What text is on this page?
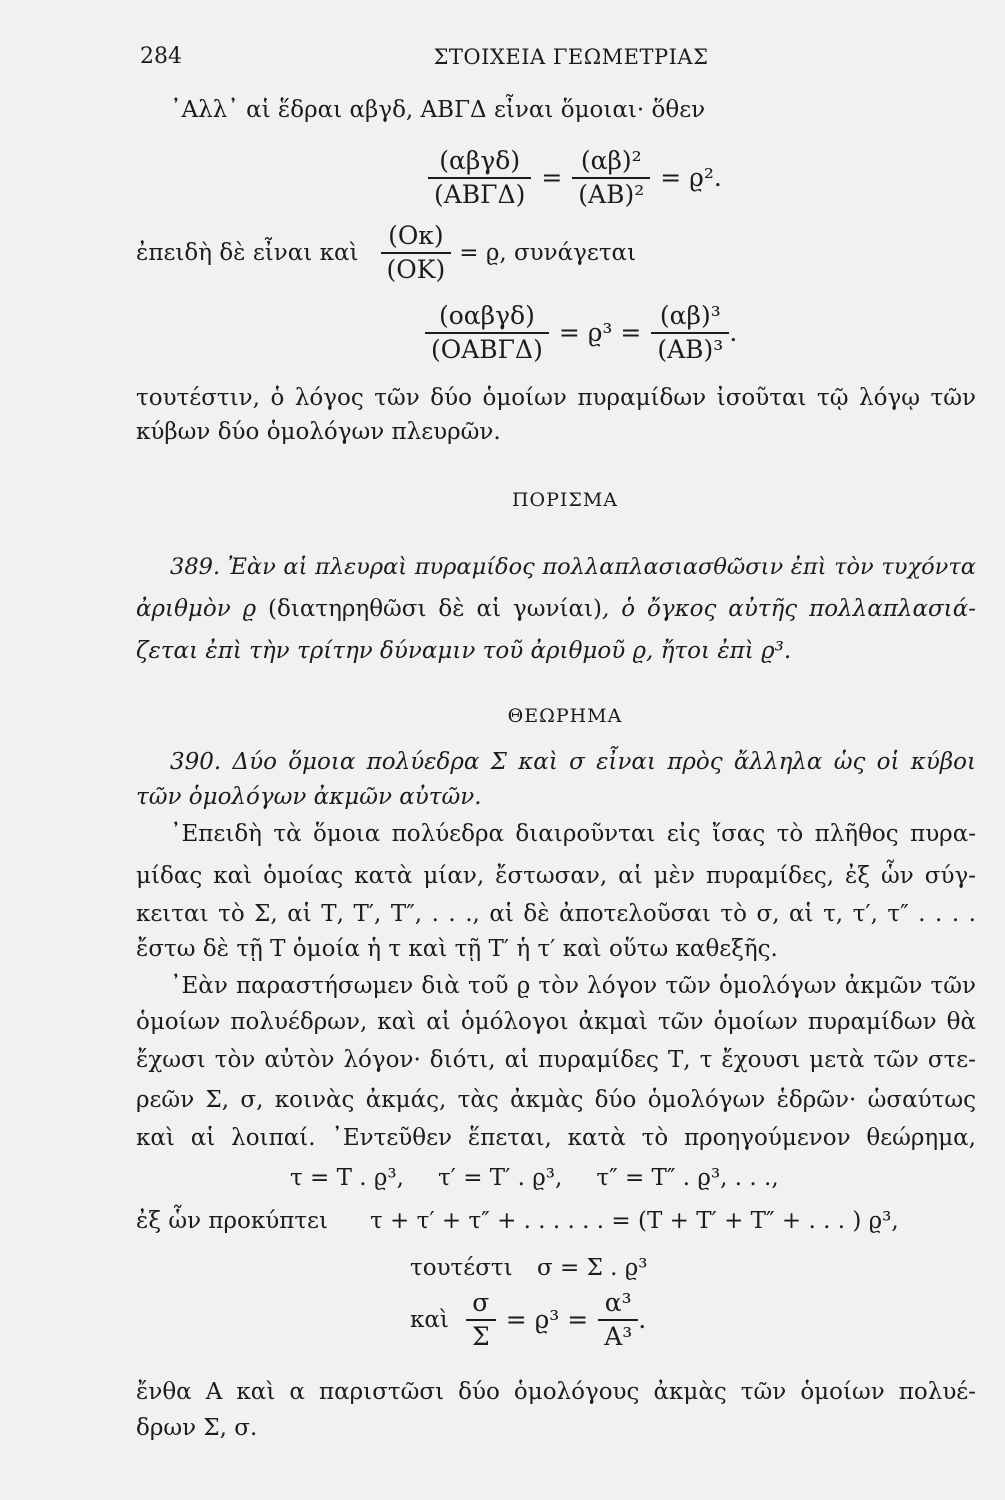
284	ΣΤΟΙΧΕΙΑ ΓΕΩΜΕΤΡΙΑΣ

᾿Αλλ᾿ αἱ ἕδραι αβγδ, ΑΒΓΔ εἶναι ὅμοιαι· ὅθεν

$\frac{\text{(αβγδ)}}{\text{(ΑΒΓΔ)}} = \frac{\text{(αβ)²}}{\text{(ΑΒ)²}} = ϱ^2$.
ἐπειδὴ δὲ εἶναι καὶ $\frac{(O\kappa)}{(OK)} = ϱ$, συνάγεται
$\frac{\text{(οαβγδ)}}{\text{(ΟΑΒΓΔ)}} = ϱ^3 = \frac{\text{(αβ)³}}{\text{(ΑΒ)³}}$ .

τουτέστιν, ὁ λόγος τῶν δύο ὁμοίων πυραμίδων ἰσοῦται τῷ λόγῳ τῶν

κύβων δύο ὁμολόγων πλευρῶν.

ΠΟΡΙΣΜΑ

389. Ἐὰν αἱ πλευραὶ πυραμίδος πολλαπλασιασθῶσιν ἐπὶ τὸν τυχόντα

ἀριθμὸν ϱ (διατηρηθῶσι δὲ αἱ γωνίαι), ὁ ὄγκος αὐτῆς πολλαπλασιά-

ζεται ἐπὶ τὴν τρίτην δύναμιν τοῦ ἀριθμοῦ ϱ, ἤτοι ἐπὶ ϱ³.

ΘΕΩΡΗΜΑ

390. Δύο ὅμοια πολύεδρα Σ καὶ σ εἶναι πρὸς ἄλληλα ὡς οἱ κύβοι

τῶν ὁμολόγων ἀκμῶν αὐτῶν.

᾿Επειδὴ τὰ ὅμοια πολύεδρα διαιροῦνται εἰς ἴσας τὸ πλῆθος πυρα-

μίδας καὶ ὁμοίας κατὰ μίαν, ἔστωσαν, αἱ μὲν πυραμίδες, ἐξ ὧν σύγ-

κειται τὸ Σ, αἱ Τ, Τ′, Τ″, . . ., αἱ δὲ ἀποτελοῦσαι τὸ σ, αἱ τ, τ′, τ″ . . . .

ἔστω δὲ τῇ Τ ὁμοία ἡ τ καὶ τῇ Τ′ ἡ τ′ καὶ οὕτω καθεξῆς.

᾿Εὰν παραστήσωμεν διὰ τοῦ ϱ τὸν λόγον τῶν ὁμολόγων ἀκμῶν τῶν

ὁμοίων πολυέδρων, καὶ αἱ ὁμόλογοι ἀκμαὶ τῶν ὁμοίων πυραμίδων θὰ

ἔχωσι τὸν αὐτὸν λόγον· διότι, αἱ πυραμίδες Τ, τ ἔχουσι μετὰ τῶν στε-

ρεῶν Σ, σ, κοινὰς ἀκμάς, τὰς ἀκμὰς δύο ὁμολόγων ἑδρῶν· ὡσαύτως

καὶ αἱ λοιπαί. ᾿Εντεῦθεν ἕπεται, κατὰ τὸ προηγούμενον θεώρημα,

τ = Τ . ϱ³, τ′ = Τ′ . ϱ³, τ″ = Τ″ . ϱ³, . . .,
ἐξ ὧν προκύπτει	τ + τ′ + τ″ + . . . . . . = (Τ + Τ′ + Τ″ + . . . ) ϱ³,
τουτέστι	σ = Σ . ϱ³
καὶ $\frac{\sigma}{\Sigma} = ϱ^3 = \frac{\text{α³}}{\text{Α³}}$ .

ἔνθα Α καὶ α παριστῶσι δύο ὁμολόγους ἀκμὰς τῶν ὁμοίων πολυέ-

δρων Σ, σ.
